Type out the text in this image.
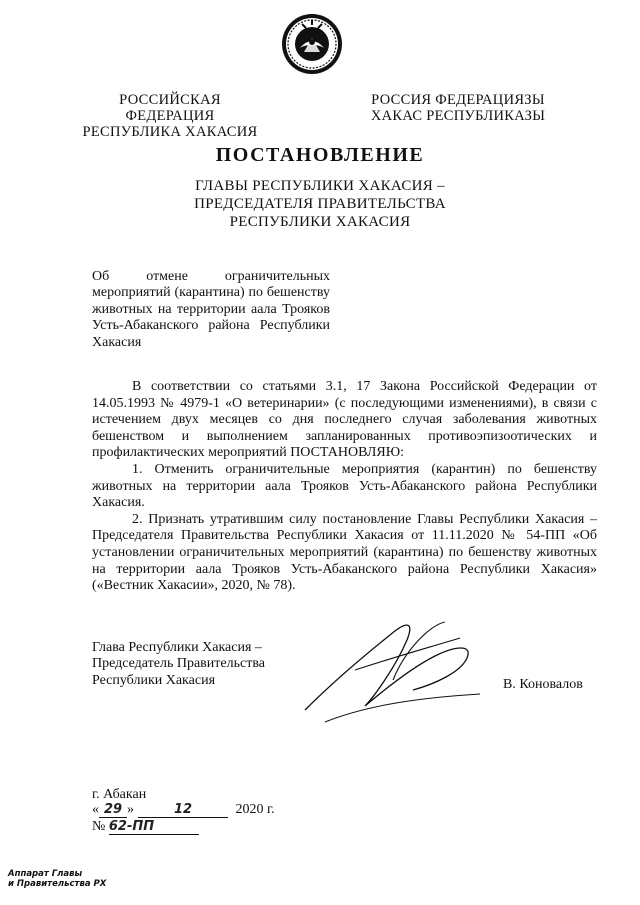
РОССИЙСКАЯ ФЕДЕРАЦИЯ
РЕСПУБЛИКА ХАКАСИЯ
РОССИЯ ФЕДЕРАЦИЯЗЫ
ХАКАС РЕСПУБЛИКАЗЫ
ПОСТАНОВЛЕНИЕ
ГЛАВЫ РЕСПУБЛИКИ ХАКАСИЯ –
ПРЕДСЕДАТЕЛЯ ПРАВИТЕЛЬСТВА
РЕСПУБЛИКИ ХАКАСИЯ
Об отмене ограничительных мероприятий (карантина) по бешенству животных на территории аала Трояков Усть-Абаканского района Республики Хакасия

В соответствии со статьями 3.1, 17 Закона Российской Федерации от 14.05.1993 № 4979-1 «О ветеринарии» (с последующими изменениями), в связи с истечением двух месяцев со дня последнего случая заболевания животных бешенством и выполнением запланированных противоэпизоотических и профилактических мероприятий ПОСТАНОВЛЯЮ:

1. Отменить ограничительные мероприятия (карантин) по бешенству животных на территории аала Трояков Усть-Абаканского района Республики Хакасия.

2. Признать утратившим силу постановление Главы Республики Хакасия – Председателя Правительства Республики Хакасия от 11.11.2020 № 54-ПП «Об установлении ограничительных мероприятий (карантина) по бешенству животных на территории аала Трояков Усть-Абаканского района Республики Хакасия» («Вестник Хакасии», 2020, № 78).

Глава Республики Хакасия –
Председатель Правительства
Республики Хакасия	В. Коновалов
г. Абакан
« 29 »	12	2020 г.
№ 62-ПП
Аппарат Главы
и Правительства РХ
